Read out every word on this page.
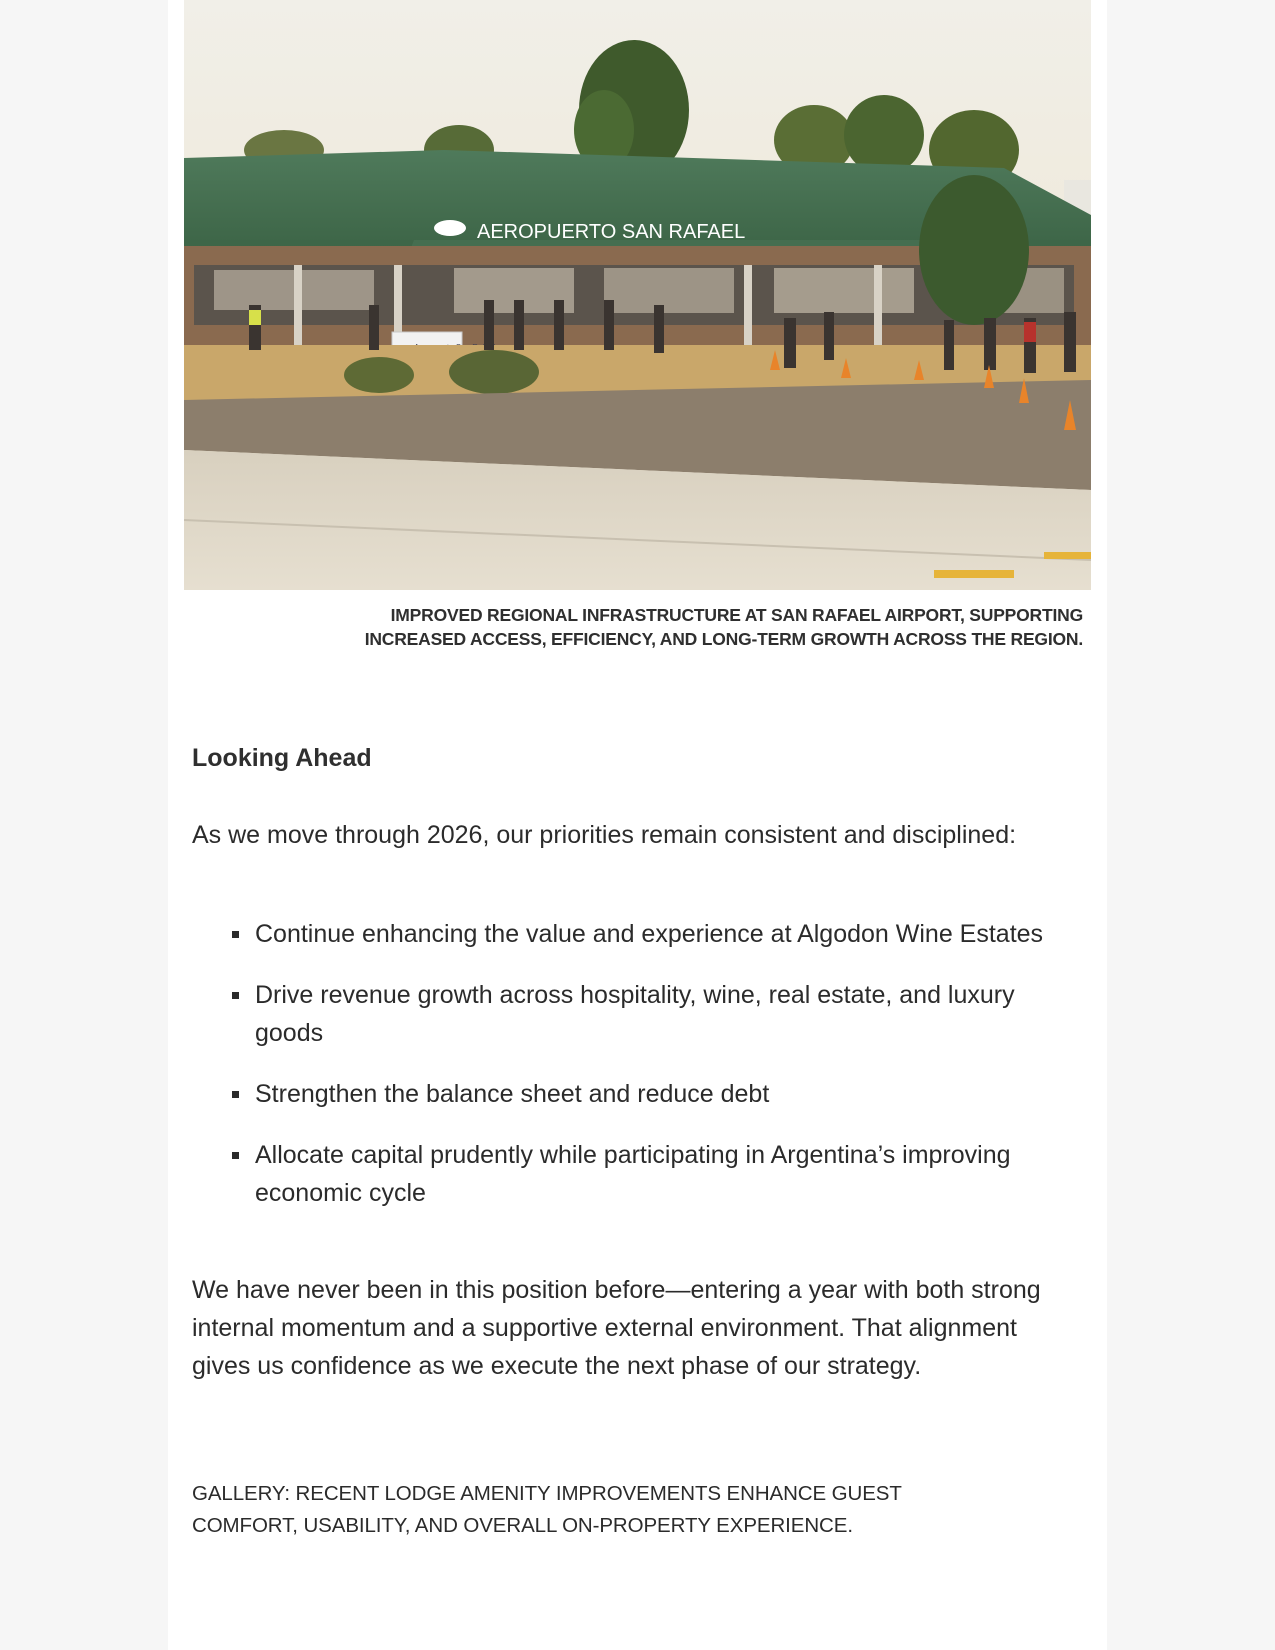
AEROPUERTO SAN RAFAEL
IMPROVED REGIONAL INFRASTRUCTURE AT SAN RAFAEL AIRPORT, SUPPORTING
INCREASED ACCESS, EFFICIENCY, AND LONG-TERM GROWTH ACROSS THE REGION.
Looking Ahead
As we move through 2026, our priorities remain consistent and disciplined:
Continue enhancing the value and experience at Algodon Wine Estates
Drive revenue growth across hospitality, wine, real estate, and luxury goods
Strengthen the balance sheet and reduce debt
Allocate capital prudently while participating in Argentina’s improving economic cycle
We have never been in this position before—entering a year with both strong internal momentum and a supportive external environment. That alignment gives us confidence as we execute the next phase of our strategy.
GALLERY: RECENT LODGE AMENITY IMPROVEMENTS ENHANCE GUEST
COMFORT, USABILITY, AND OVERALL ON-PROPERTY EXPERIENCE.
